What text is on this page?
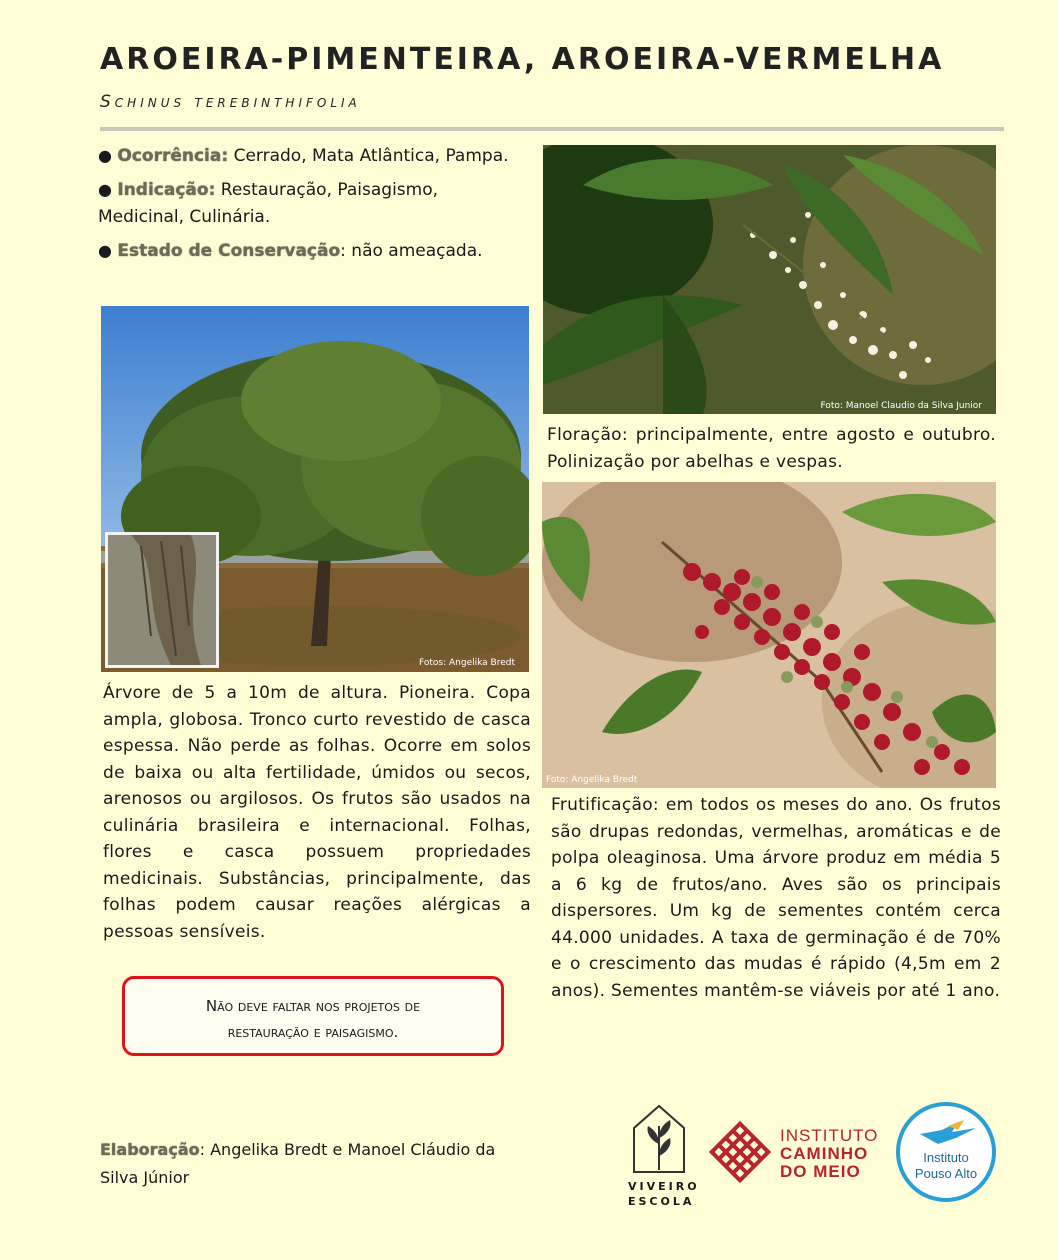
AROEIRA-PIMENTEIRA, AROEIRA-VERMELHA
Schinus terebinthifolia

● Ocorrência: Cerrado, Mata Atlântica, Pampa.

● Indicação: Restauração, Paisagismo, Medicinal, Culinária.

● Estado de Conservação: não ameaçada.

Fotos: Angelika Bredt
Foto: Manoel Claudio da Silva Junior
Foto: Angelika Bredt
Floração: principalmente, entre agosto e outubro. Polinização por abelhas e vespas.
Árvore de 5 a 10m de altura. Pioneira. Copa ampla, globosa. Tronco curto revestido de casca espessa. Não perde as folhas. Ocorre em solos de baixa ou alta fertilidade, úmidos ou secos, arenosos ou argilosos. Os frutos são usados na culinária brasileira e internacional. Folhas, flores e casca possuem propriedades medicinais. Substâncias, principalmente, das folhas podem causar reações alérgicas a pessoas sensíveis.
Frutificação: em todos os meses do ano. Os frutos são drupas redondas, vermelhas, aromáticas e de polpa oleaginosa. Uma árvore produz em média 5 a 6 kg de frutos/ano. Aves são os principais dispersores. Um kg de sementes contém cerca 44.000 unidades. A taxa de germinação é de 70% e o crescimento das mudas é rápido (4,5m em 2 anos). Sementes mantêm-se viáveis por até 1 ano.
Não deve faltar nos projetos de
restauração e paisagismo.
Elaboração: Angelika Bredt e Manoel Cláudio da Silva Júnior	VIVEIRO
ESCOLA
INSTITUTO
CAMINHO
DO MEIO
Instituto
Pouso Alto
